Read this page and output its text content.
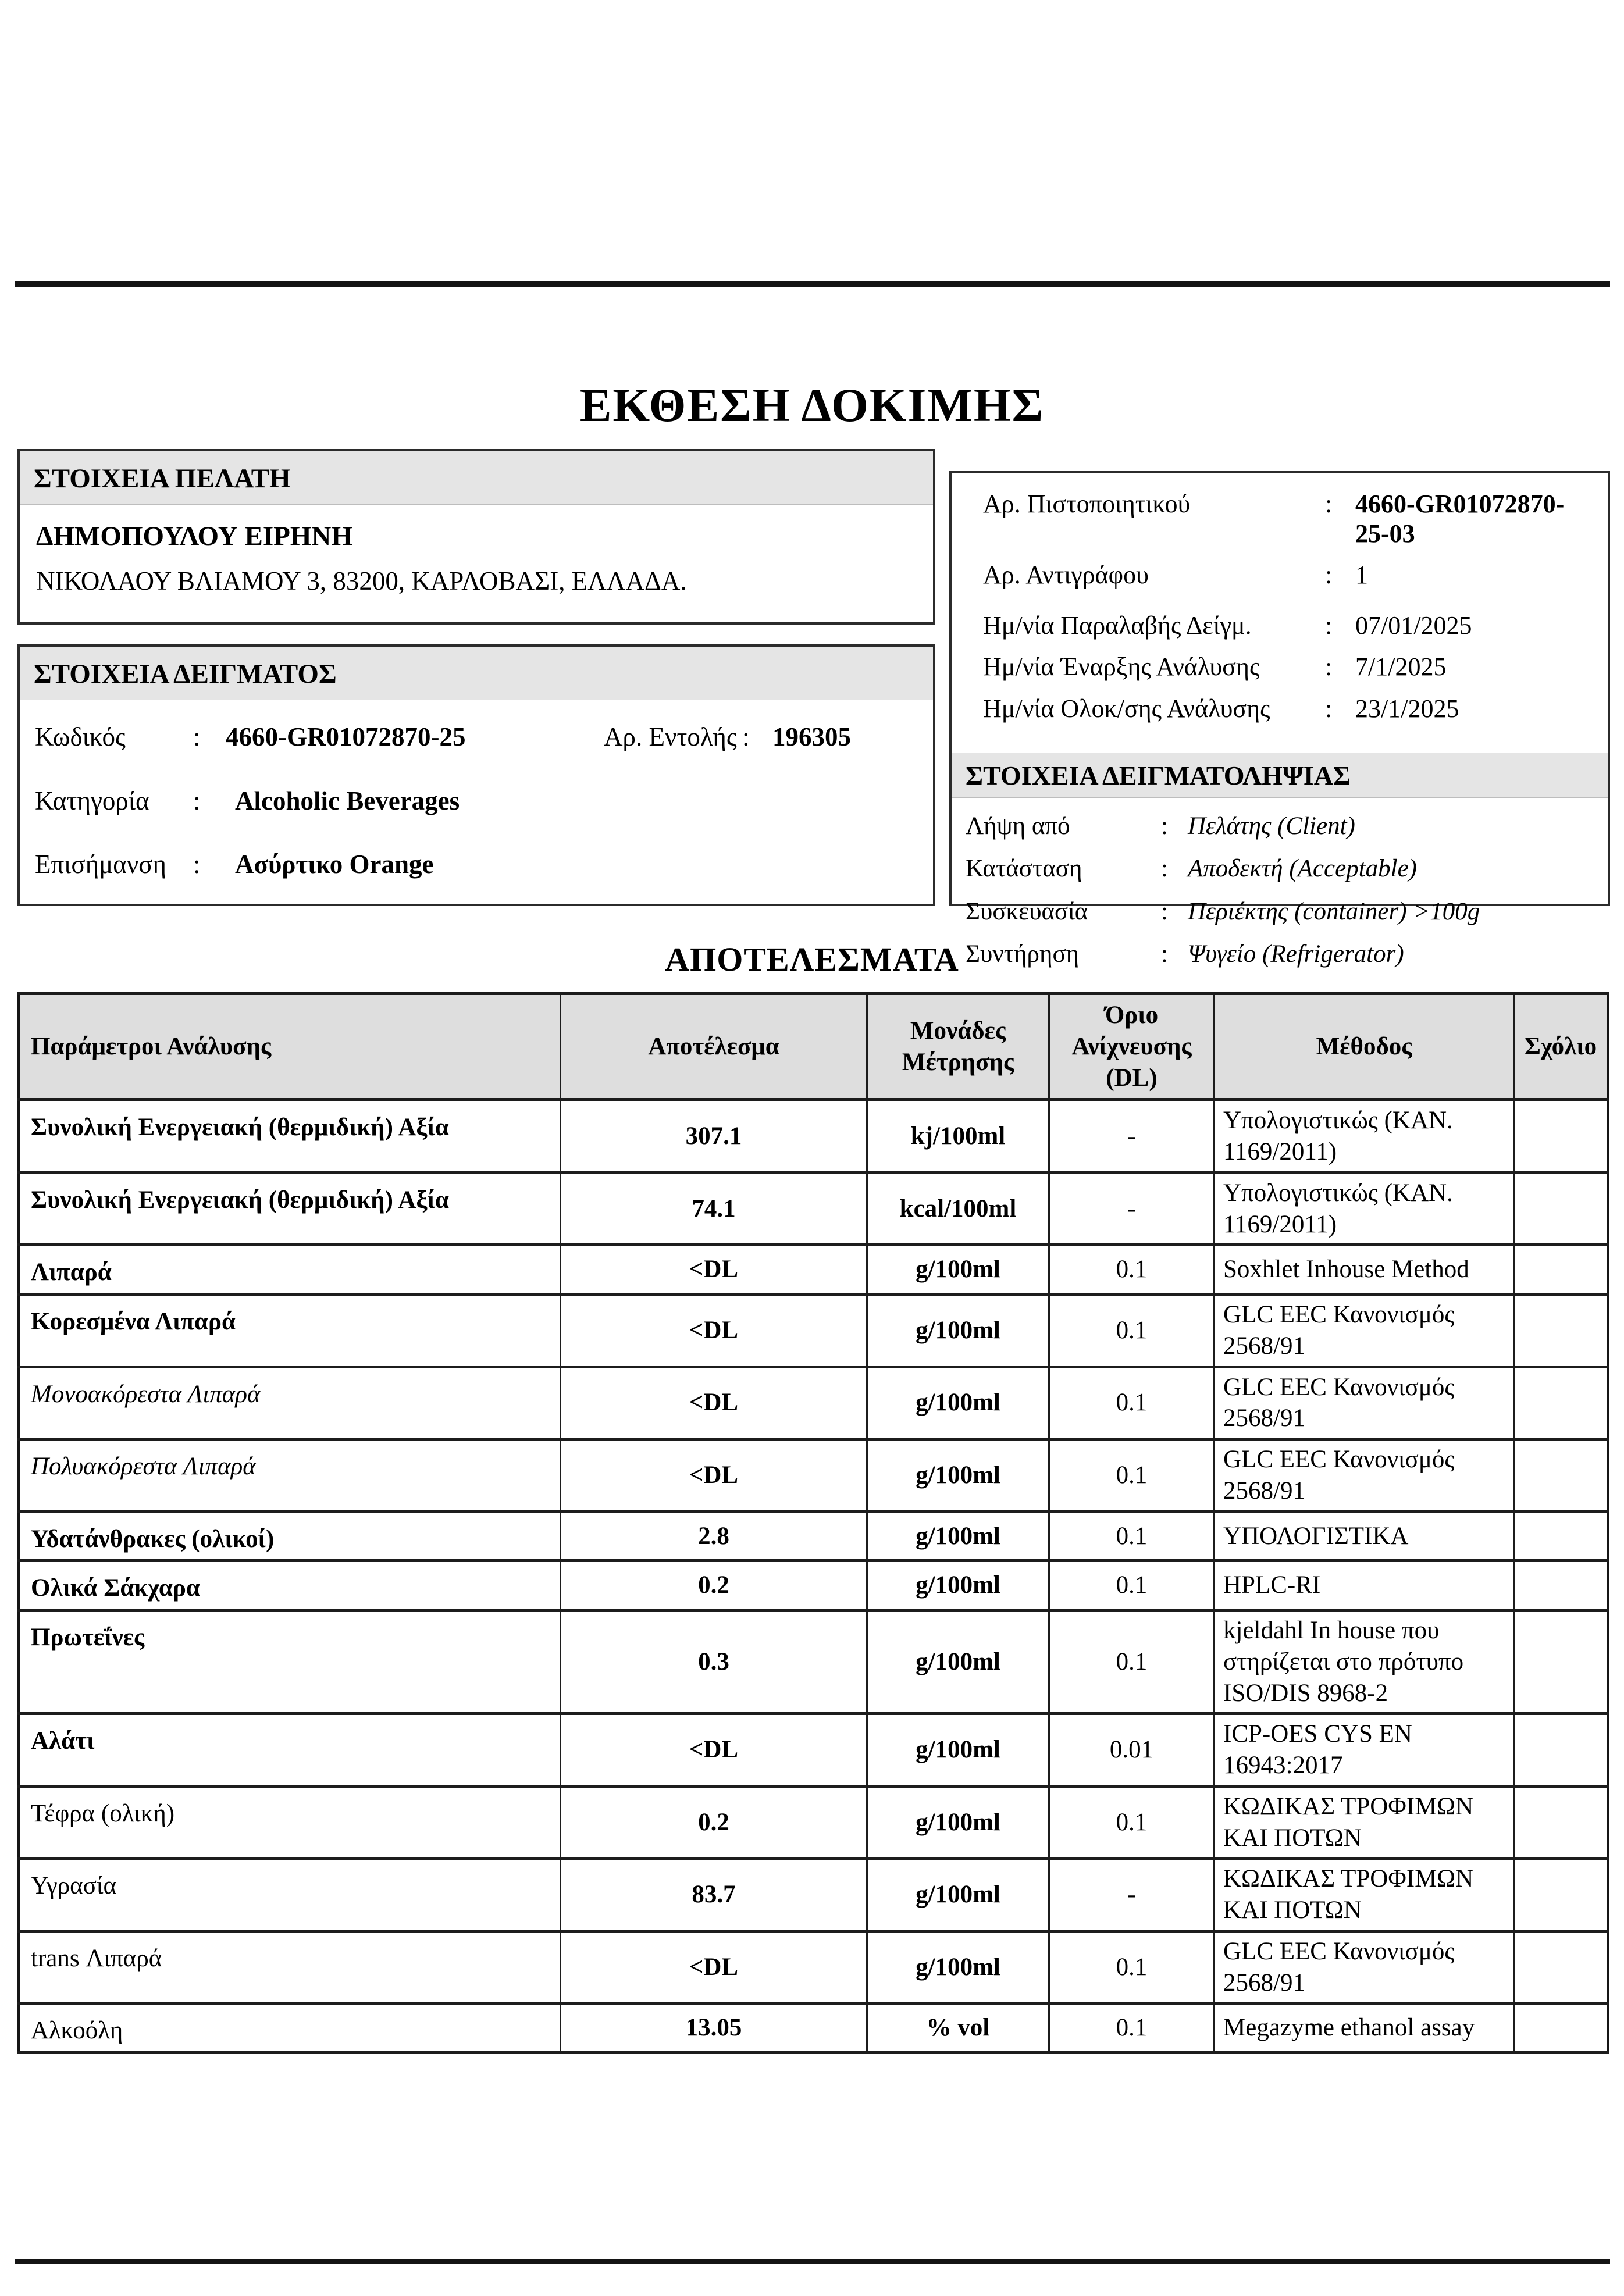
ΕΚΘΕΣΗ ΔΟΚΙΜΗΣ
ΣΤΟΙΧΕΙΑ ΠΕΛΑΤΗ
ΔΗΜΟΠΟΥΛΟΥ ΕΙΡΗΝΗ
ΝΙΚΟΛΑΟΥ ΒΛΙΑΜΟΥ 3, 83200, ΚΑΡΛΟΒΑΣΙ, ΕΛΛΑΔΑ.
ΣΤΟΙΧΕΙΑ ΔΕΙΓΜΑΤΟΣ
Κωδικός	: 4660-GR01072870-25	Αρ. Εντολής : 196305
Κατηγορία	:	Alcoholic Beverages
Επισήμανση	:	Ασύρτικο Orange
Αρ. Πιστοποιητικού	: 4660-GR01072870-25-03
Αρ. Αντιγράφου	: 1
Ημ/νία Παραλαβής Δείγμ.	: 07/01/2025
Ημ/νία Έναρξης Ανάλυσης	: 7/1/2025
Ημ/νία Ολοκ/σης Ανάλυσης	: 23/1/2025
ΣΤΟΙΧΕΙΑ ΔΕΙΓΜΑΤΟΛΗΨΙΑΣ
Λήψη από	: Πελάτης (Client)
Κατάσταση	: Αποδεκτή (Acceptable)
Συσκευασία	: Περιέκτης (container) >100g
Συντήρηση	: Ψυγείο (Refrigerator)
ΑΠΟΤΕΛΕΣΜΑΤΑ
Παράμετροι Ανάλυσης	Αποτέλεσμα	Μονάδες Μέτρησης	Όριο Ανίχνευσης (DL)	Μέθοδος	Σχόλιο
Συνολική Ενεργειακή (θερμιδική) Αξία	307.1	kj/100ml	-	Υπολογιστικώς (ΚΑΝ. 1169/2011)	
Συνολική Ενεργειακή (θερμιδική) Αξία	74.1	kcal/100ml	-	Υπολογιστικώς (ΚΑΝ. 1169/2011)	
Λιπαρά	<DL	g/100ml	0.1	Soxhlet Inhouse Method	
Κορεσμένα Λιπαρά	<DL	g/100ml	0.1	GLC EEC Κανονισμός 2568/91	
Μονοακόρεστα Λιπαρά	<DL	g/100ml	0.1	GLC EEC Κανονισμός 2568/91	
Πολυακόρεστα Λιπαρά	<DL	g/100ml	0.1	GLC EEC Κανονισμός 2568/91	
Υδατάνθρακες (ολικοί)	2.8	g/100ml	0.1	ΥΠΟΛΟΓΙΣΤΙΚΑ	
Ολικά Σάκχαρα	0.2	g/100ml	0.1	HPLC-RI	
Πρωτεΐνες	0.3	g/100ml	0.1	kjeldahl In house που στηρίζεται στο πρότυπο ISO/DIS 8968-2	
Αλάτι	<DL	g/100ml	0.01	ICP-OES CYS EN 16943:2017	
Τέφρα (ολική)	0.2	g/100ml	0.1	ΚΩΔΙΚΑΣ ΤΡΟΦΙΜΩΝ ΚΑΙ ΠΟΤΩΝ	
Υγρασία	83.7	g/100ml	-	ΚΩΔΙΚΑΣ ΤΡΟΦΙΜΩΝ ΚΑΙ ΠΟΤΩΝ	
trans Λιπαρά	<DL	g/100ml	0.1	GLC EEC Κανονισμός 2568/91	
Αλκοόλη	13.05	% vol	0.1	Megazyme ethanol assay	
